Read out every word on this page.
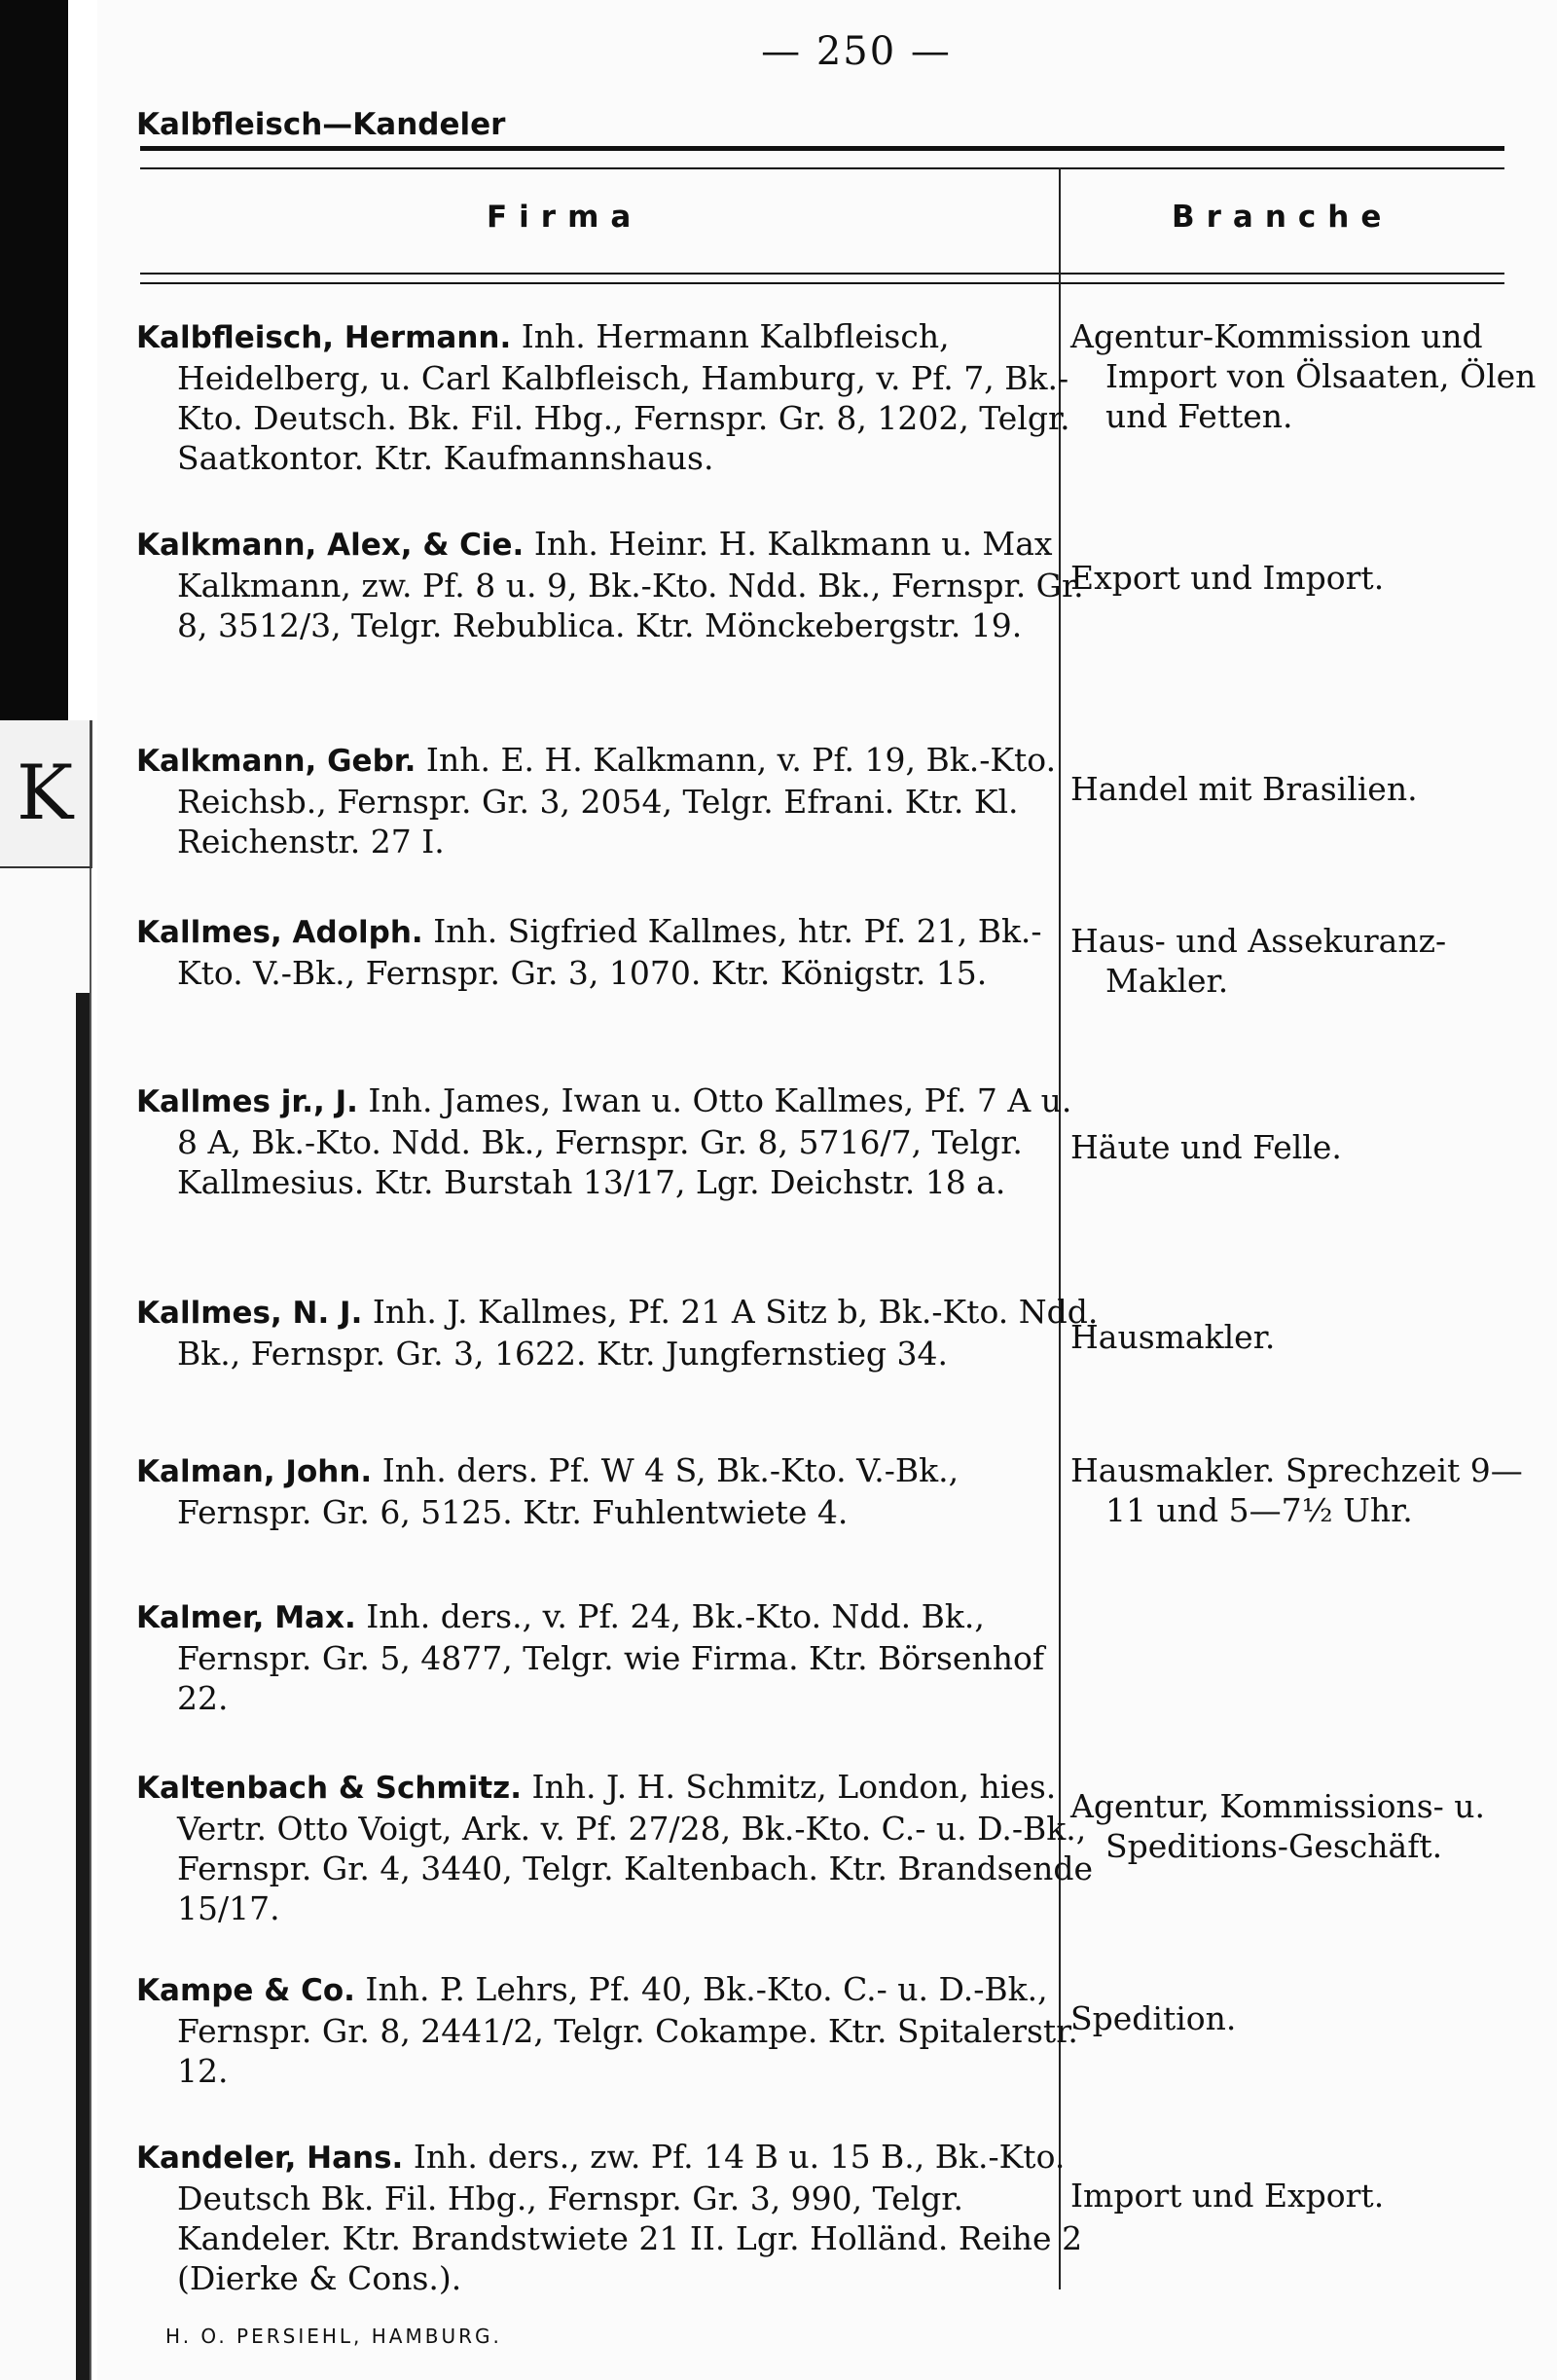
K
— 250 —
Kalbfleisch—Kandeler
Firma	Branche
Kalbfleisch, Hermann. Inh. Hermann Kalbfleisch, Heidelberg, u. Carl Kalbfleisch, Hamburg, v. Pf. 7, Bk.-Kto. Deutsch. Bk. Fil. Hbg., Fernspr. Gr. 8, 1202, Telgr. Saatkontor. Ktr. Kaufmannshaus.
Agentur-Kommission und Import von Ölsaaten, Ölen und Fetten.
Kalkmann, Alex, & Cie. Inh. Heinr. H. Kalkmann u. Max Kalkmann, zw. Pf. 8 u. 9, Bk.-Kto. Ndd. Bk., Fernspr. Gr. 8, 3512/3, Telgr. Rebublica. Ktr. Mönckebergstr. 19.
Export und Import.
Kalkmann, Gebr. Inh. E. H. Kalkmann, v. Pf. 19, Bk.-Kto. Reichsb., Fernspr. Gr. 3, 2054, Telgr. Efrani. Ktr. Kl. Reichenstr. 27 I.
Handel mit Brasilien.
Kallmes, Adolph. Inh. Sigfried Kallmes, htr. Pf. 21, Bk.-Kto. V.-Bk., Fernspr. Gr. 3, 1070. Ktr. Königstr. 15.
Haus- und Assekuranz-Makler.
Kallmes jr., J. Inh. James, Iwan u. Otto Kallmes, Pf. 7 A u. 8 A, Bk.-Kto. Ndd. Bk., Fernspr. Gr. 8, 5716/7, Telgr. Kallmesius. Ktr. Burstah 13/17, Lgr. Deichstr. 18 a.
Häute und Felle.
Kallmes, N. J. Inh. J. Kallmes, Pf. 21 A Sitz b, Bk.-Kto. Ndd. Bk., Fernspr. Gr. 3, 1622. Ktr. Jungfernstieg 34.	Hausmakler.
Kalman, John. Inh. ders. Pf. W 4 S, Bk.-Kto. V.-Bk., Fernspr. Gr. 6, 5125. Ktr. Fuhlentwiete 4.
Hausmakler. Sprechzeit 9—11 und 5—7½ Uhr.
Kalmer, Max. Inh. ders., v. Pf. 24, Bk.-Kto. Ndd. Bk., Fernspr. Gr. 5, 4877, Telgr. wie Firma. Ktr. Börsenhof 22.
Kaltenbach & Schmitz. Inh. J. H. Schmitz, London, hies. Vertr. Otto Voigt, Ark. v. Pf. 27/28, Bk.-Kto. C.- u. D.-Bk., Fernspr. Gr. 4, 3440, Telgr. Kaltenbach. Ktr. Brandsende 15/17.
Agentur, Kommissions- u. Speditions-Geschäft.
Kampe & Co. Inh. P. Lehrs, Pf. 40, Bk.-Kto. C.- u. D.-Bk., Fernspr. Gr. 8, 2441/2, Telgr. Cokampe. Ktr. Spitalerstr. 12.
Spedition.
Kandeler, Hans. Inh. ders., zw. Pf. 14 B u. 15 B., Bk.-Kto. Deutsch Bk. Fil. Hbg., Fernspr. Gr. 3, 990, Telgr. Kandeler. Ktr. Brandstwiete 21 II. Lgr. Holländ. Reihe 2 (Dierke & Cons.).
Import und Export.
H. O. PERSIEHL, HAMBURG.
